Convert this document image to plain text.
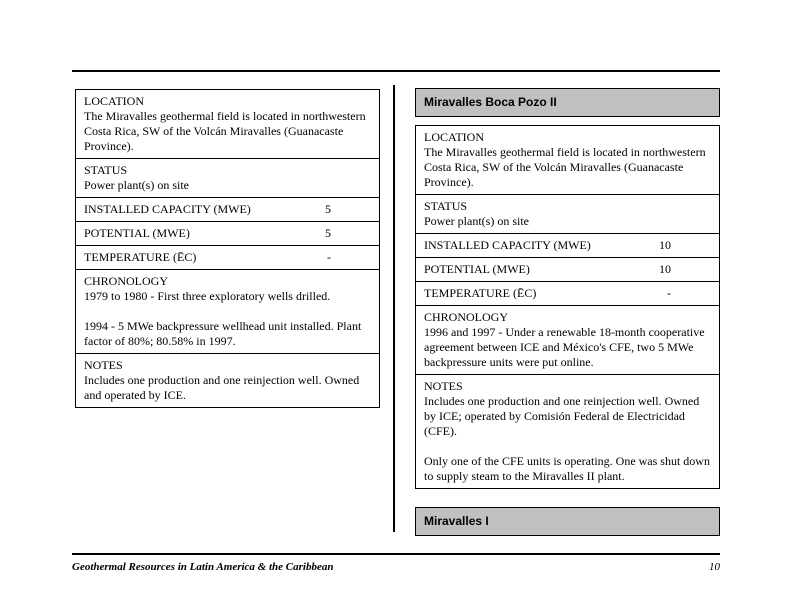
LOCATION
The Miravalles geothermal field is located in northwestern Costa Rica, SW of the Volcán Miravalles (Guanacaste Province).
STATUS
Power plant(s) on site
INSTALLED CAPACITY (MWE)	5
POTENTIAL (MWE)	5
TEMPERATURE (ĒC)	-
CHRONOLOGY
1979 to 1980 - First three exploratory wells drilled.
1994 - 5 MWe backpressure wellhead unit installed. Plant factor of 80%; 80.58% in 1997.
NOTES
Includes one production and one reinjection well. Owned and operated by ICE.
Miravalles Boca Pozo II
LOCATION
The Miravalles geothermal field is located in northwestern Costa Rica, SW of the Volcán Miravalles (Guanacaste Province).
STATUS
Power plant(s) on site
INSTALLED CAPACITY (MWE)	10
POTENTIAL (MWE)	10
TEMPERATURE (ĒC)	-
CHRONOLOGY
1996 and 1997 - Under a renewable 18-month cooperative agreement between ICE and México's CFE, two 5 MWe backpressure units were put online.
NOTES
Includes one production and one reinjection well. Owned by ICE; operated by Comisión Federal de Electricidad (CFE).
Only one of the CFE units is operating. One was shut down to supply steam to the Miravalles II plant.
Miravalles I
Geothermal Resources in Latin America & the Caribbean	10
